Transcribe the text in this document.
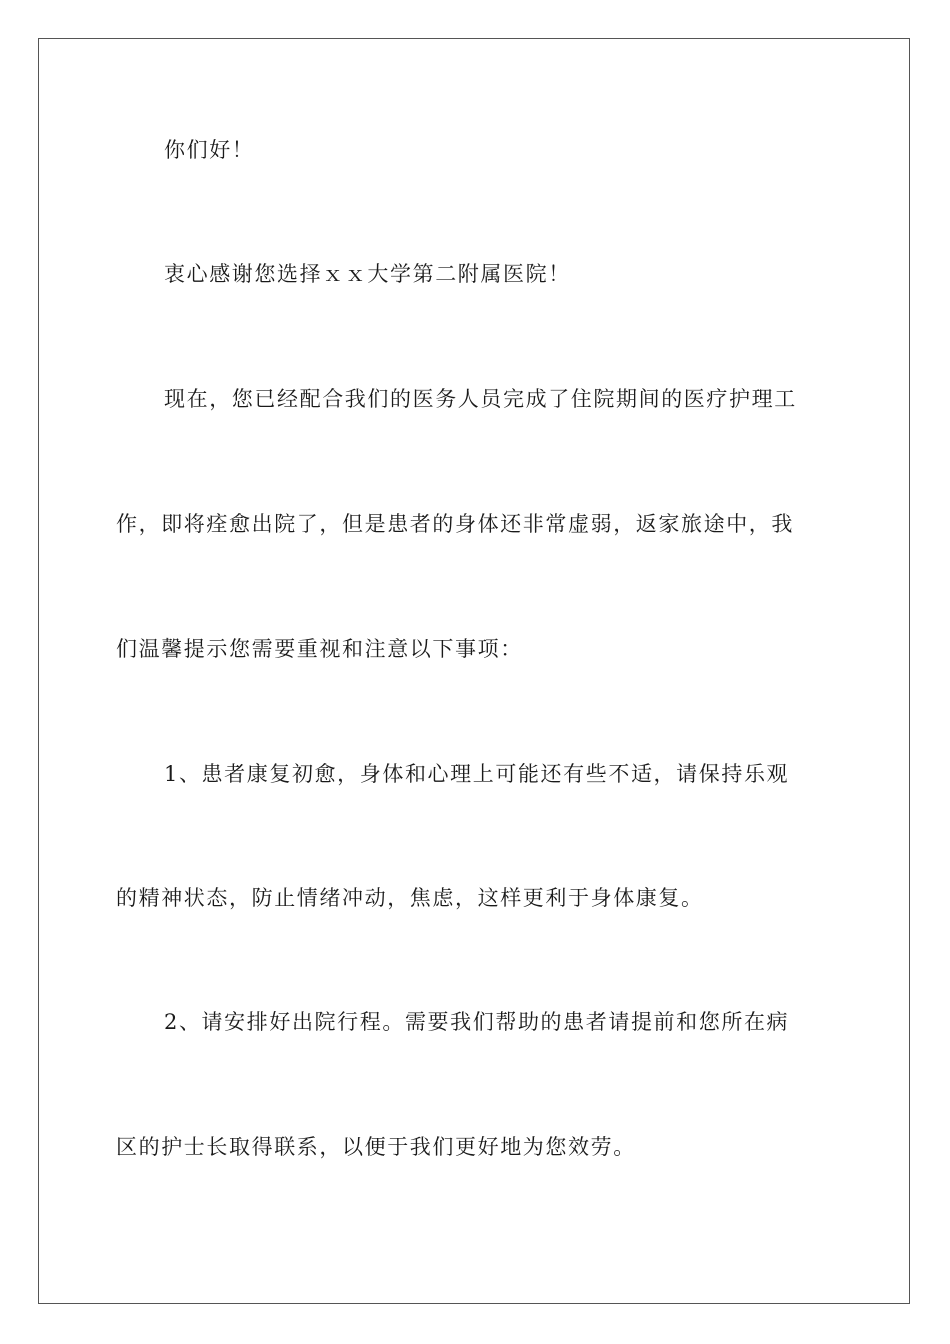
你们好！
衷心感谢您选择ｘｘ大学第二附属医院！
现在，您已经配合我们的医务人员完成了住院期间的医疗护理工
作，即将痊愈出院了，但是患者的身体还非常虚弱，返家旅途中，我
们温馨提示您需要重视和注意以下事项：
1、患者康复初愈，身体和心理上可能还有些不适，请保持乐观
的精神状态，防止情绪冲动，焦虑，这样更利于身体康复。
2、请安排好出院行程。需要我们帮助的患者请提前和您所在病
区的护士长取得联系，以便于我们更好地为您效劳。
